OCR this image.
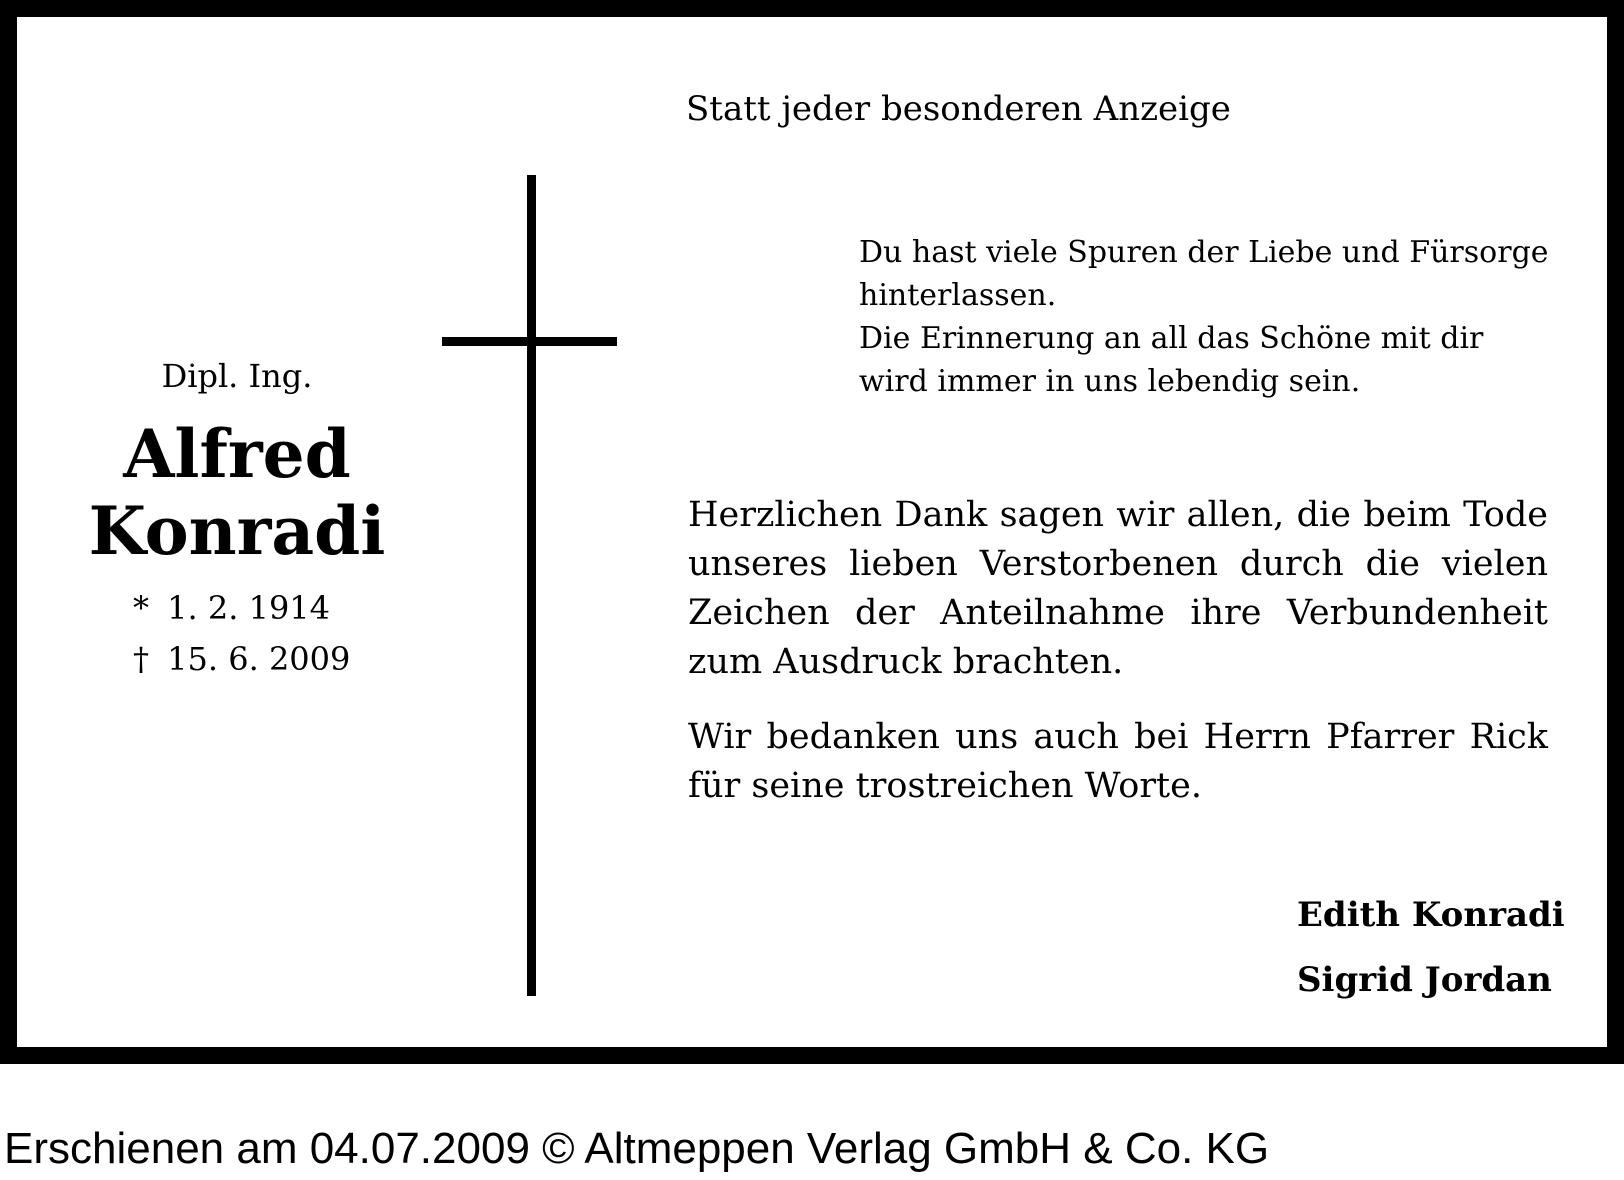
Statt jeder besonderen Anzeige
Du hast viele Spuren der Liebe und Fürsorge
hinterlassen.
Die Erinnerung an all das Schöne mit dir
wird immer in uns lebendig sein.
Dipl. Ing.
Alfred
Konradi
* 1. 2. 1914
† 15. 6. 2009
Herzlichen Dank sagen wir allen, die beim Tode unseres lieben Verstorbenen durch die vielen Zeichen der Anteilnahme ihre Verbundenheit zum Ausdruck brachten.
Wir bedanken uns auch bei Herrn Pfarrer Rick für seine trostreichen Worte.
Edith Konradi
Sigrid Jordan
Erschienen am 04.07.2009 © Altmeppen Verlag GmbH & Co. KG
